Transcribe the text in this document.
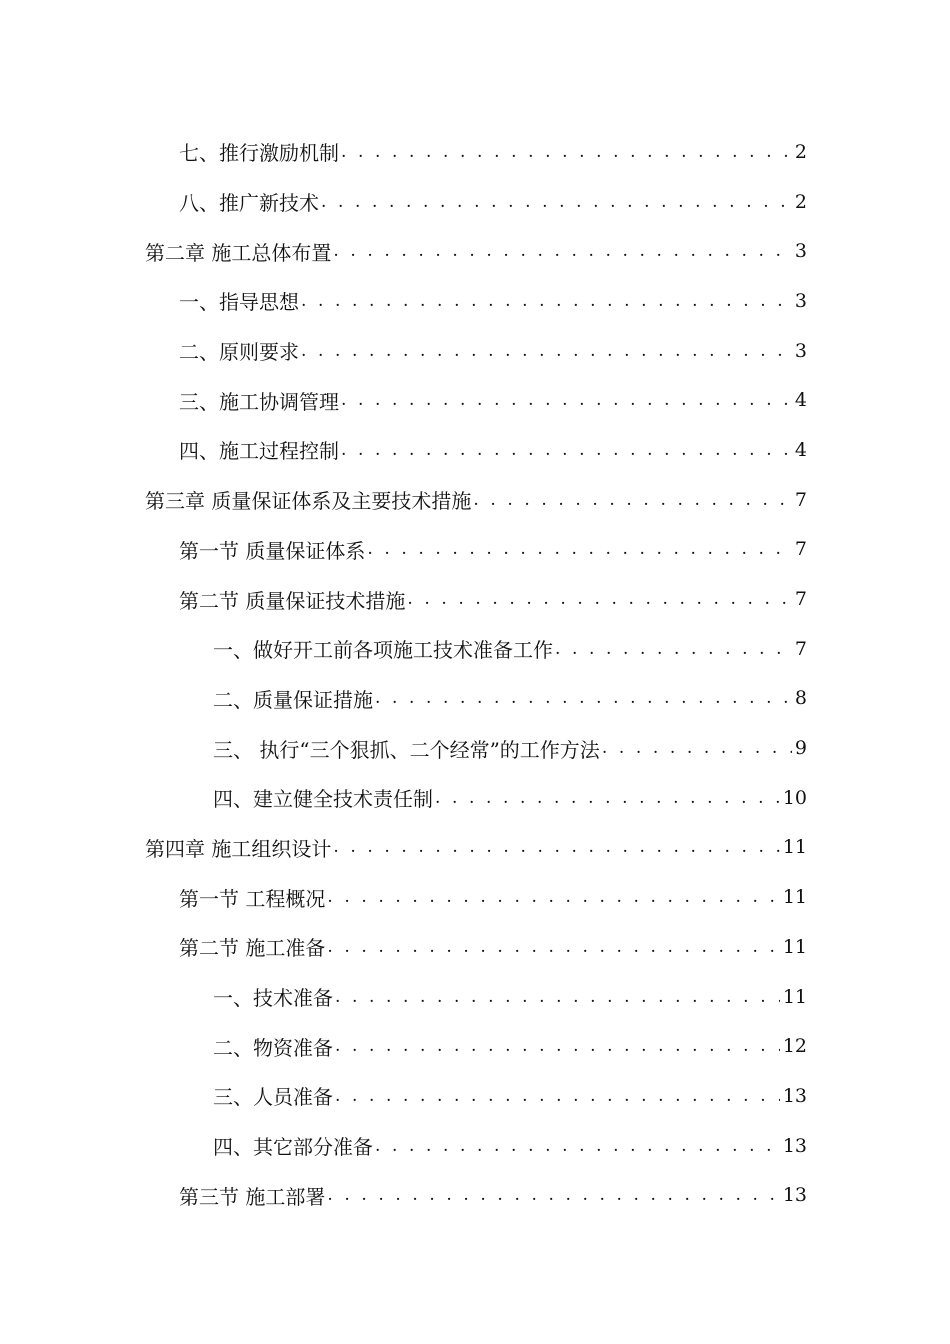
七、推行激励机制 . . .	2
八、推广新技术 . . .	2
第二章 施工总体布置 . . .	3
一、指导思想 . . .	3
二、原则要求 . . .	3
三、施工协调管理 . . .	4
四、施工过程控制 . . .	4
第三章 质量保证体系及主要技术措施 . . .	7
第一节 质量保证体系 . . .	7
第二节 质量保证技术措施 . . .	7
一、做好开工前各项施工技术准备工作 . . .	7
二、质量保证措施 . . .	8
三、 执行“三个狠抓、二个经常”的工作方法 . . .	9
四、建立健全技术责任制 . . .	10
第四章 施工组织设计 . . .	11
第一节 工程概况 . . .	11
第二节 施工准备 . . .	11
一、技术准备 . . .	11
二、物资准备 . . .	12
三、人员准备 . . .	13
四、其它部分准备 . . .	13
第三节 施工部署 . . .	13
